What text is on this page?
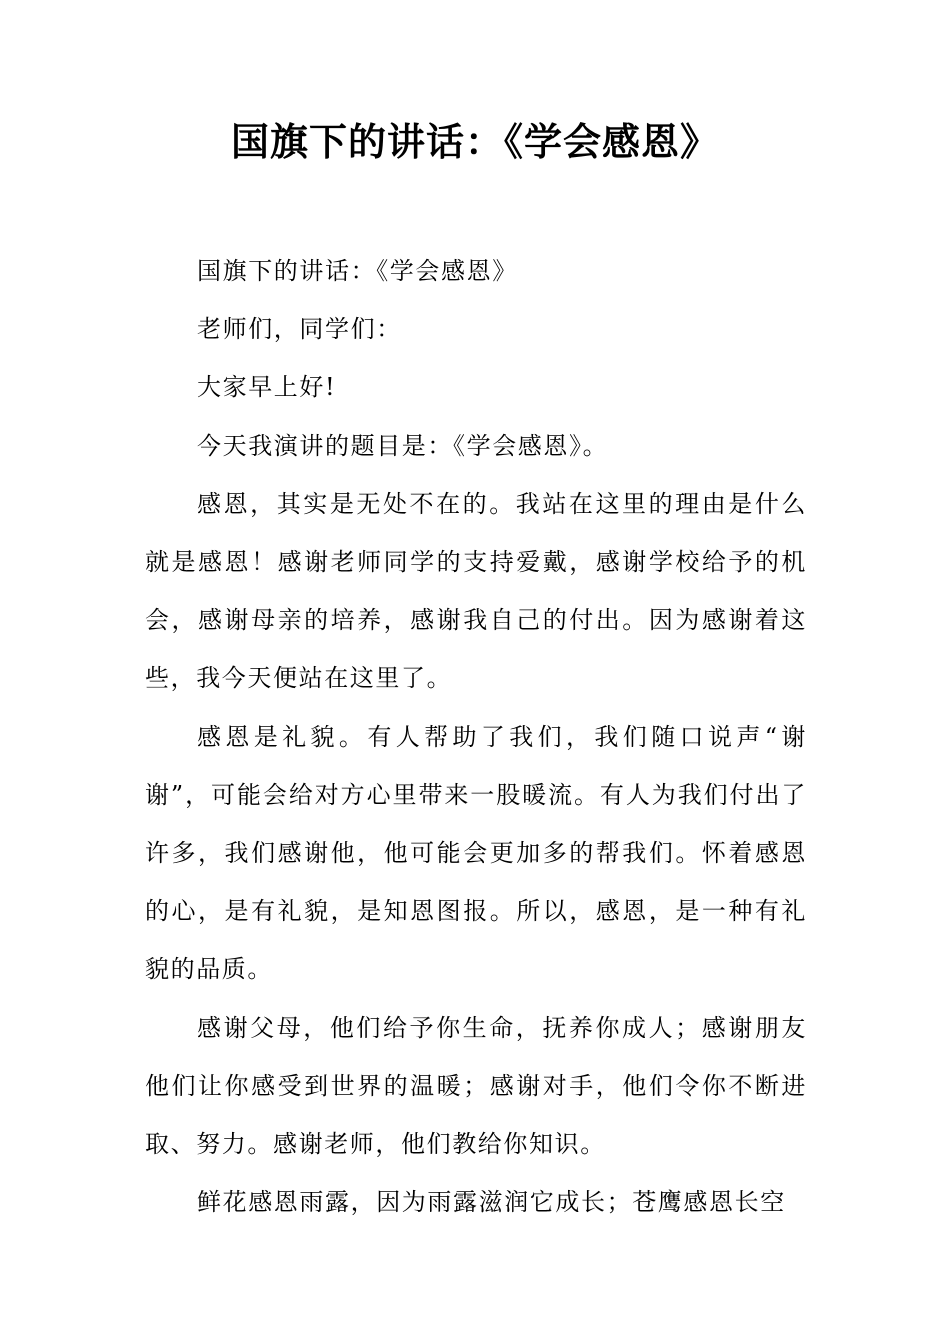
国旗下的讲话：《学会感恩》

国旗下的讲话：《学会感恩》

老师们，同学们：

大家早上好!

今天我演讲的题目是：《学会感恩》。

感恩，其实是无处不在的。我站在这里的理由是什么就是感恩！感谢老师同学的支持爱戴，感谢学校给予的机会，感谢母亲的培养，感谢我自己的付出。因为感谢着这些，我今天便站在这里了。

感恩是礼貌。有人帮助了我们，我们随口说声“谢谢”，可能会给对方心里带来一股暖流。有人为我们付出了许多，我们感谢他，他可能会更加多的帮我们。怀着感恩的心，是有礼貌，是知恩图报。所以，感恩，是一种有礼貌的品质。

感谢父母，他们给予你生命，抚养你成人；感谢朋友他们让你感受到世界的温暖；感谢对手，他们令你不断进取、努力。感谢老师，他们教给你知识。

鲜花感恩雨露，因为雨露滋润它成长；苍鹰感恩长空
